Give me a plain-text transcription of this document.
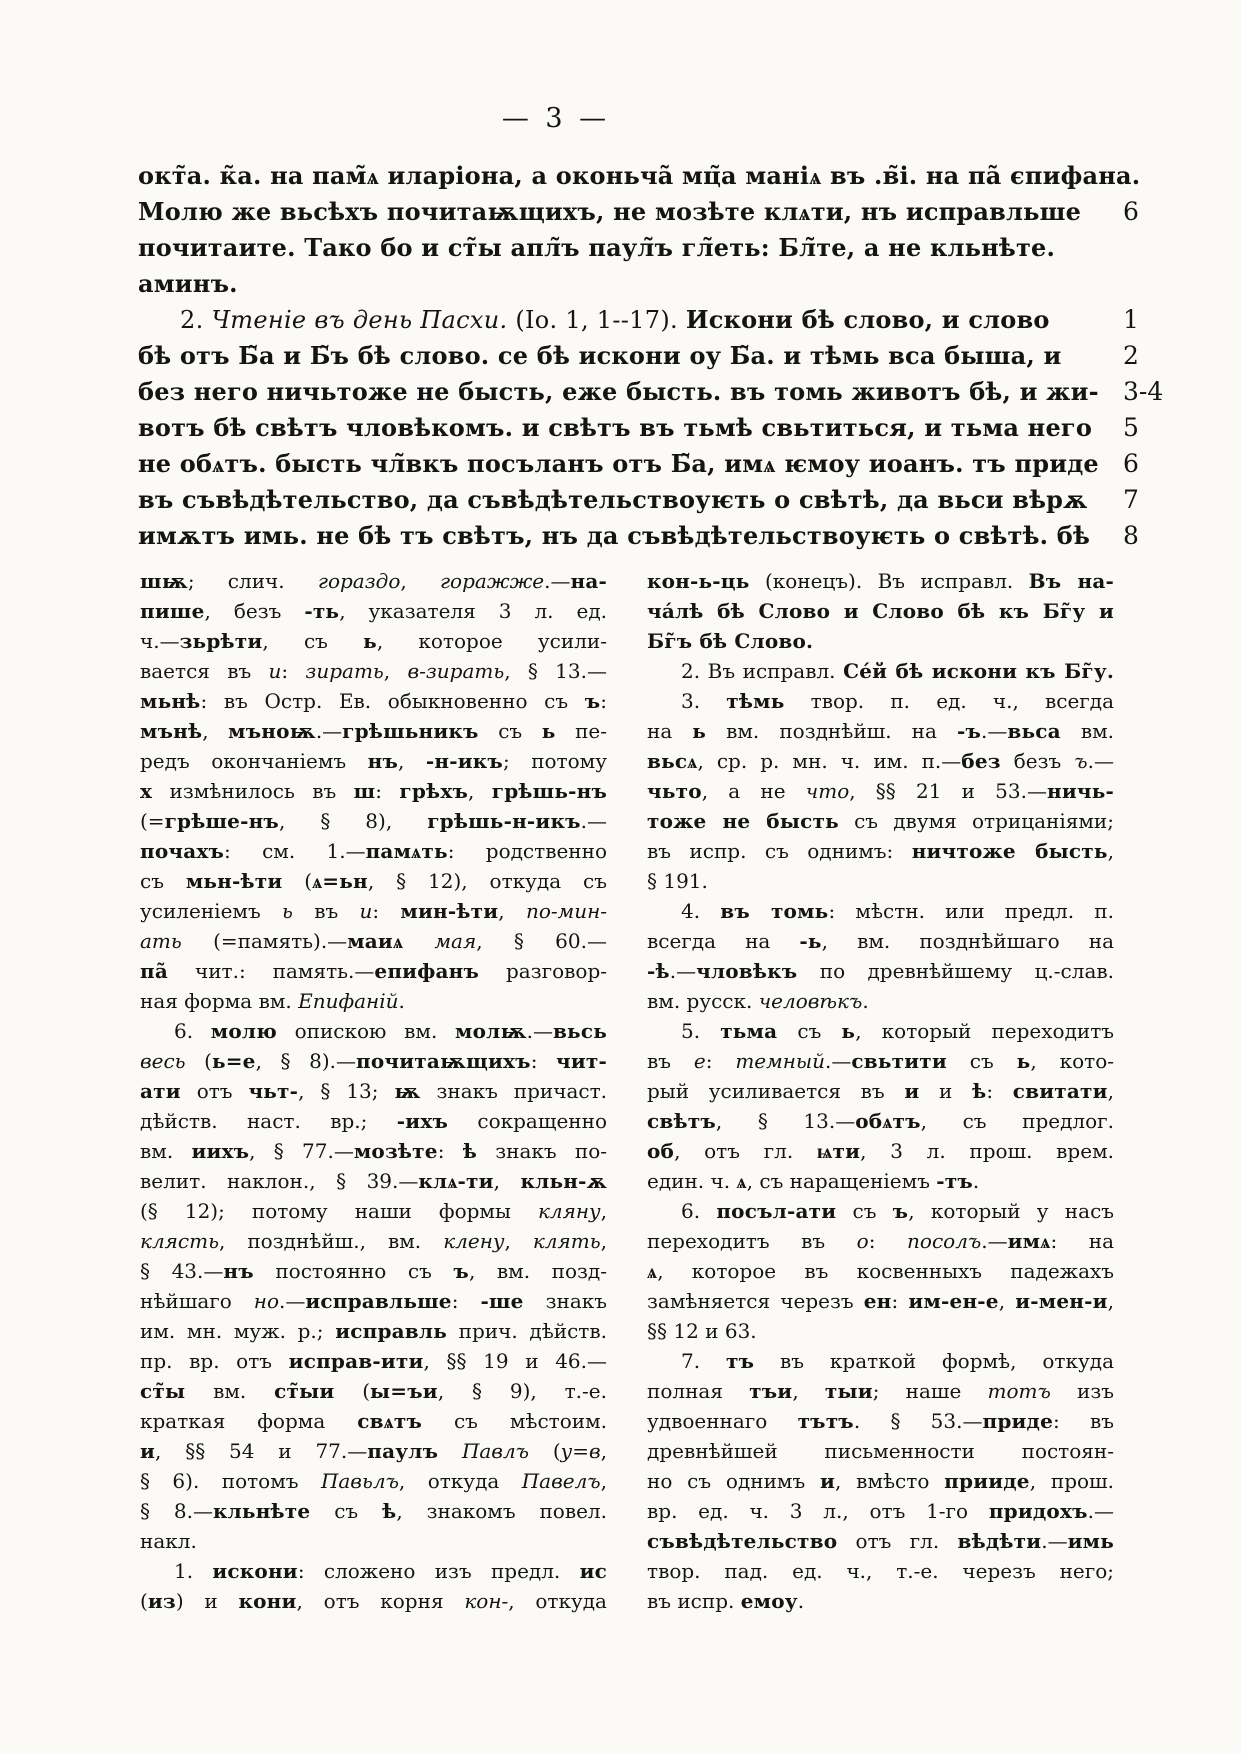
— 3 —
окт̃а. к̃а. на пам̃ѧ иларіона, а оконьча̃ мц̃а маніѧ въ .в̃і. на па̃ єпифана.
Молю же вьсѣхъ почитаѭщихъ, не мозѣте клѧти, нъ исправльше	6
почитаите. Тако бо и ст̃ы апл̃ъ паул̃ъ гл̃еть: Бл̃те, а не кльнѣте.
аминъ.
2. Чтеніе въ день Пасхи. (Іо. 1, 1--17). Искони бѣ слово, и слово	1
бѣ отъ Б̃а и Б̃ъ бѣ слово. се бѣ искони оу Б̃а. и тѣмь вса быша, и	2
без него ничьтоже не бысть, еже бысть. въ томь животъ бѣ, и жи- 3-4
вотъ бѣ свѣтъ чловѣкомъ. и свѣтъ въ тьмѣ свьтиться, и тьма него	5
не обѧтъ. бысть чл̃вкъ посъланъ отъ Б̃а, имѧ ѥмоу иоанъ. тъ приде 6
въ съвѣдѣтельство, да съвѣдѣтельствоуѥть о свѣтѣ, да вьси вѣрѫ	7
имѫтъ имь. не бѣ тъ свѣтъ, нъ да съвѣдѣтельствоуѥть о свѣтѣ. бѣ	8
шѭ; слич. гораздо, горажже.—на-
пише, безъ -ть, указателя 3 л. ед.
ч.—зьрѣти, съ ь, которое усили-
вается въ и: зирать, в-зирать, § 13.—
мьнѣ: въ Остр. Ев. обыкновенно съ ъ:
мънѣ, мъноѭ.—грѣшьникъ съ ь пе-
редъ окончаніемъ нъ, -н-икъ; потому
х измѣнилось въ ш: грѣхъ, грѣшь-нъ
(=грѣше-нъ, § 8), грѣшь-н-икъ.—
почахъ: см. 1.—памѧть: родственно
съ мьн-ѣти (ѧ=ьн, § 12), откуда съ
усиленіемъ ь въ и: мин-ѣти, по-мин-
ать (=память).—маиѧ мая, § 60.—
па̃ чит.: память.—епифанъ разговор-
ная форма вм. Епифаній.
6. молю опискою вм. молѭ.—вьсь
весь (ь=е, § 8).—почитаѭщихъ: чит-
ати отъ чьт-, § 13; ѭ знакъ причаст.
дѣйств. наст. вр.; -ихъ сокращенно
вм. иихъ, § 77.—мозѣте: ѣ знакъ по-
велит. наклон., § 39.—клѧ-ти, кльн-ѫ
(§ 12); потому наши формы кляну,
клясть, позднѣйш., вм. клену, клять,
§ 43.—нъ постоянно съ ъ, вм. позд-
нѣйшаго но.—исправльше: -ше знакъ
им. мн. муж. р.; исправль прич. дѣйств.
пр. вр. отъ исправ-ити, §§ 19 и 46.—
ст̃ы вм. ст̃ыи (ы=ъи, § 9), т.-е.
краткая форма свѧтъ съ мѣстоим.
и, §§ 54 и 77.—паулъ Павлъ (у=в,
§ 6). потомъ Павьлъ, откуда Павелъ,
§ 8.—кльнѣте съ ѣ, знакомъ повел.
накл.
1. искони: сложено изъ предл. ис
(из) и кони, отъ корня кон-, откуда
кон-ь-ць (конецъ). Въ исправл. Въ на-
ча́лѣ бѣ Слово и Слово бѣ къ Бг̃у и
Бг̃ъ бѣ Слово.
2. Въ исправл. Се́й бѣ искони къ Бг̃у.
3. тѣмь твор. п. ед. ч., всегда
на ь вм. позднѣйш. на -ъ.—вьса вм.
вьсѧ, ср. р. мн. ч. им. п.—без безъ ъ.—
чьто, а не что, §§ 21 и 53.—ничь-
тоже не бысть съ двумя отрицаніями;
въ испр. съ однимъ: ничтоже бысть,
§ 191.
4. въ томь: мѣстн. или предл. п.
всегда на -ь, вм. позднѣйшаго на
-ѣ.—чловѣкъ по древнѣйшему ц.-слав.
вм. русск. человѣкъ.
5. тьма съ ь, который переходитъ
въ е: темный.—свьтити съ ь, кото-
рый усиливается въ и и ѣ: свитати,
свѣтъ, § 13.—обѧтъ, съ предлог.
об, отъ гл. ѩти, 3 л. прош. врем.
един. ч. ѧ, съ наращеніемъ -тъ.
6. посъл-ати съ ъ, который у насъ
переходитъ въ о: посолъ.—имѧ: на
ѧ, которое въ косвенныхъ падежахъ
замѣняется черезъ ен: им-ен-е, и-мен-и,
§§ 12 и 63.
7. тъ въ краткой формѣ, откуда
полная тъи, тыи; наше тотъ изъ
удвоеннаго тътъ. § 53.—приде: въ
древнѣйшей письменности постоян-
но съ однимъ и, вмѣсто прииде, прош.
вр. ед. ч. 3 л., отъ 1-го придохъ.—
съвѣдѣтельство отъ гл. вѣдѣти.—имь
твор. пад. ед. ч., т.-е. черезъ него;
въ испр. емоу.
